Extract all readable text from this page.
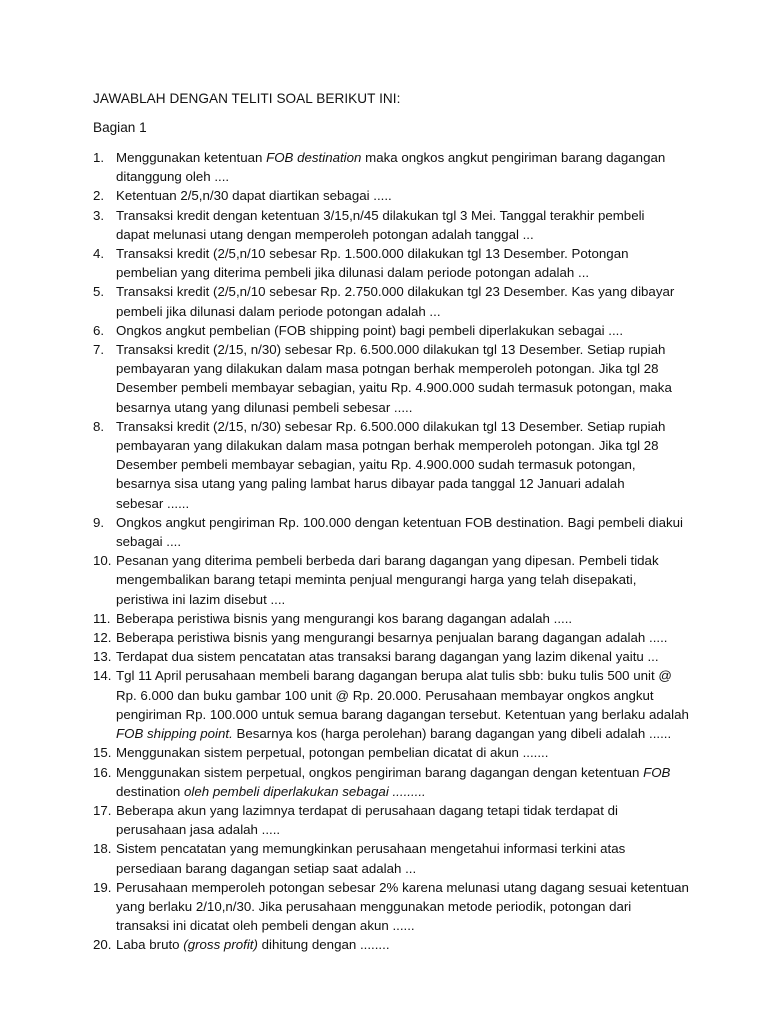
JAWABLAH DENGAN TELITI SOAL BERIKUT INI:
Bagian 1
1. Menggunakan ketentuan FOB destination maka ongkos angkut pengiriman barang dagangan
ditanggung oleh ....
2. Ketentuan 2/5,n/30 dapat diartikan sebagai .....
3. Transaksi kredit dengan ketentuan 3/15,n/45 dilakukan tgl 3 Mei. Tanggal terakhir pembeli
dapat melunasi utang dengan memperoleh potongan adalah tanggal ...
4. Transaksi kredit (2/5,n/10 sebesar Rp. 1.500.000 dilakukan tgl 13 Desember. Potongan
pembelian yang diterima pembeli jika dilunasi dalam periode potongan adalah ...
5. Transaksi kredit (2/5,n/10 sebesar Rp. 2.750.000 dilakukan tgl 23 Desember. Kas yang dibayar
pembeli jika dilunasi dalam periode potongan adalah ...
6. Ongkos angkut pembelian (FOB shipping point) bagi pembeli diperlakukan sebagai ....
7. Transaksi kredit (2/15, n/30) sebesar Rp. 6.500.000 dilakukan tgl 13 Desember. Setiap rupiah
pembayaran yang dilakukan dalam masa potngan berhak memperoleh potongan. Jika tgl 28
Desember pembeli membayar sebagian, yaitu Rp. 4.900.000 sudah termasuk potongan, maka
besarnya utang yang dilunasi pembeli sebesar .....
8. Transaksi kredit (2/15, n/30) sebesar Rp. 6.500.000 dilakukan tgl 13 Desember. Setiap rupiah
pembayaran yang dilakukan dalam masa potngan berhak memperoleh potongan. Jika tgl 28
Desember pembeli membayar sebagian, yaitu Rp. 4.900.000 sudah termasuk potongan,
besarnya sisa utang yang paling lambat harus dibayar pada tanggal 12 Januari adalah
sebesar ......
9. Ongkos angkut pengiriman Rp. 100.000 dengan ketentuan FOB destination. Bagi pembeli diakui
sebagai ....
10. Pesanan yang diterima pembeli berbeda dari barang dagangan yang dipesan. Pembeli tidak
mengembalikan barang tetapi meminta penjual mengurangi harga yang telah disepakati,
peristiwa ini lazim disebut ....
11. Beberapa peristiwa bisnis yang mengurangi kos barang dagangan adalah .....
12. Beberapa peristiwa bisnis yang mengurangi besarnya penjualan barang dagangan adalah .....
13. Terdapat dua sistem pencatatan atas transaksi barang dagangan yang lazim dikenal yaitu ...
14. Tgl 11 April perusahaan membeli barang dagangan berupa alat tulis sbb: buku tulis 500 unit @
Rp. 6.000 dan buku gambar 100 unit @ Rp. 20.000. Perusahaan membayar ongkos angkut
pengiriman Rp. 100.000 untuk semua barang dagangan tersebut. Ketentuan yang berlaku adalah
FOB shipping point. Besarnya kos (harga perolehan) barang dagangan yang dibeli adalah ......
15. Menggunakan sistem perpetual, potongan pembelian dicatat di akun .......
16. Menggunakan sistem perpetual, ongkos pengiriman barang dagangan dengan ketentuan FOB
destination oleh pembeli diperlakukan sebagai .........
17. Beberapa akun yang lazimnya terdapat di perusahaan dagang tetapi tidak terdapat di
perusahaan jasa adalah .....
18. Sistem pencatatan yang memungkinkan perusahaan mengetahui informasi terkini atas
persediaan barang dagangan setiap saat adalah ...
19. Perusahaan memperoleh potongan sebesar 2% karena melunasi utang dagang sesuai ketentuan
yang berlaku 2/10,n/30. Jika perusahaan menggunakan metode periodik, potongan dari
transaksi ini dicatat oleh pembeli dengan akun ......
20. Laba bruto (gross profit) dihitung dengan ........
